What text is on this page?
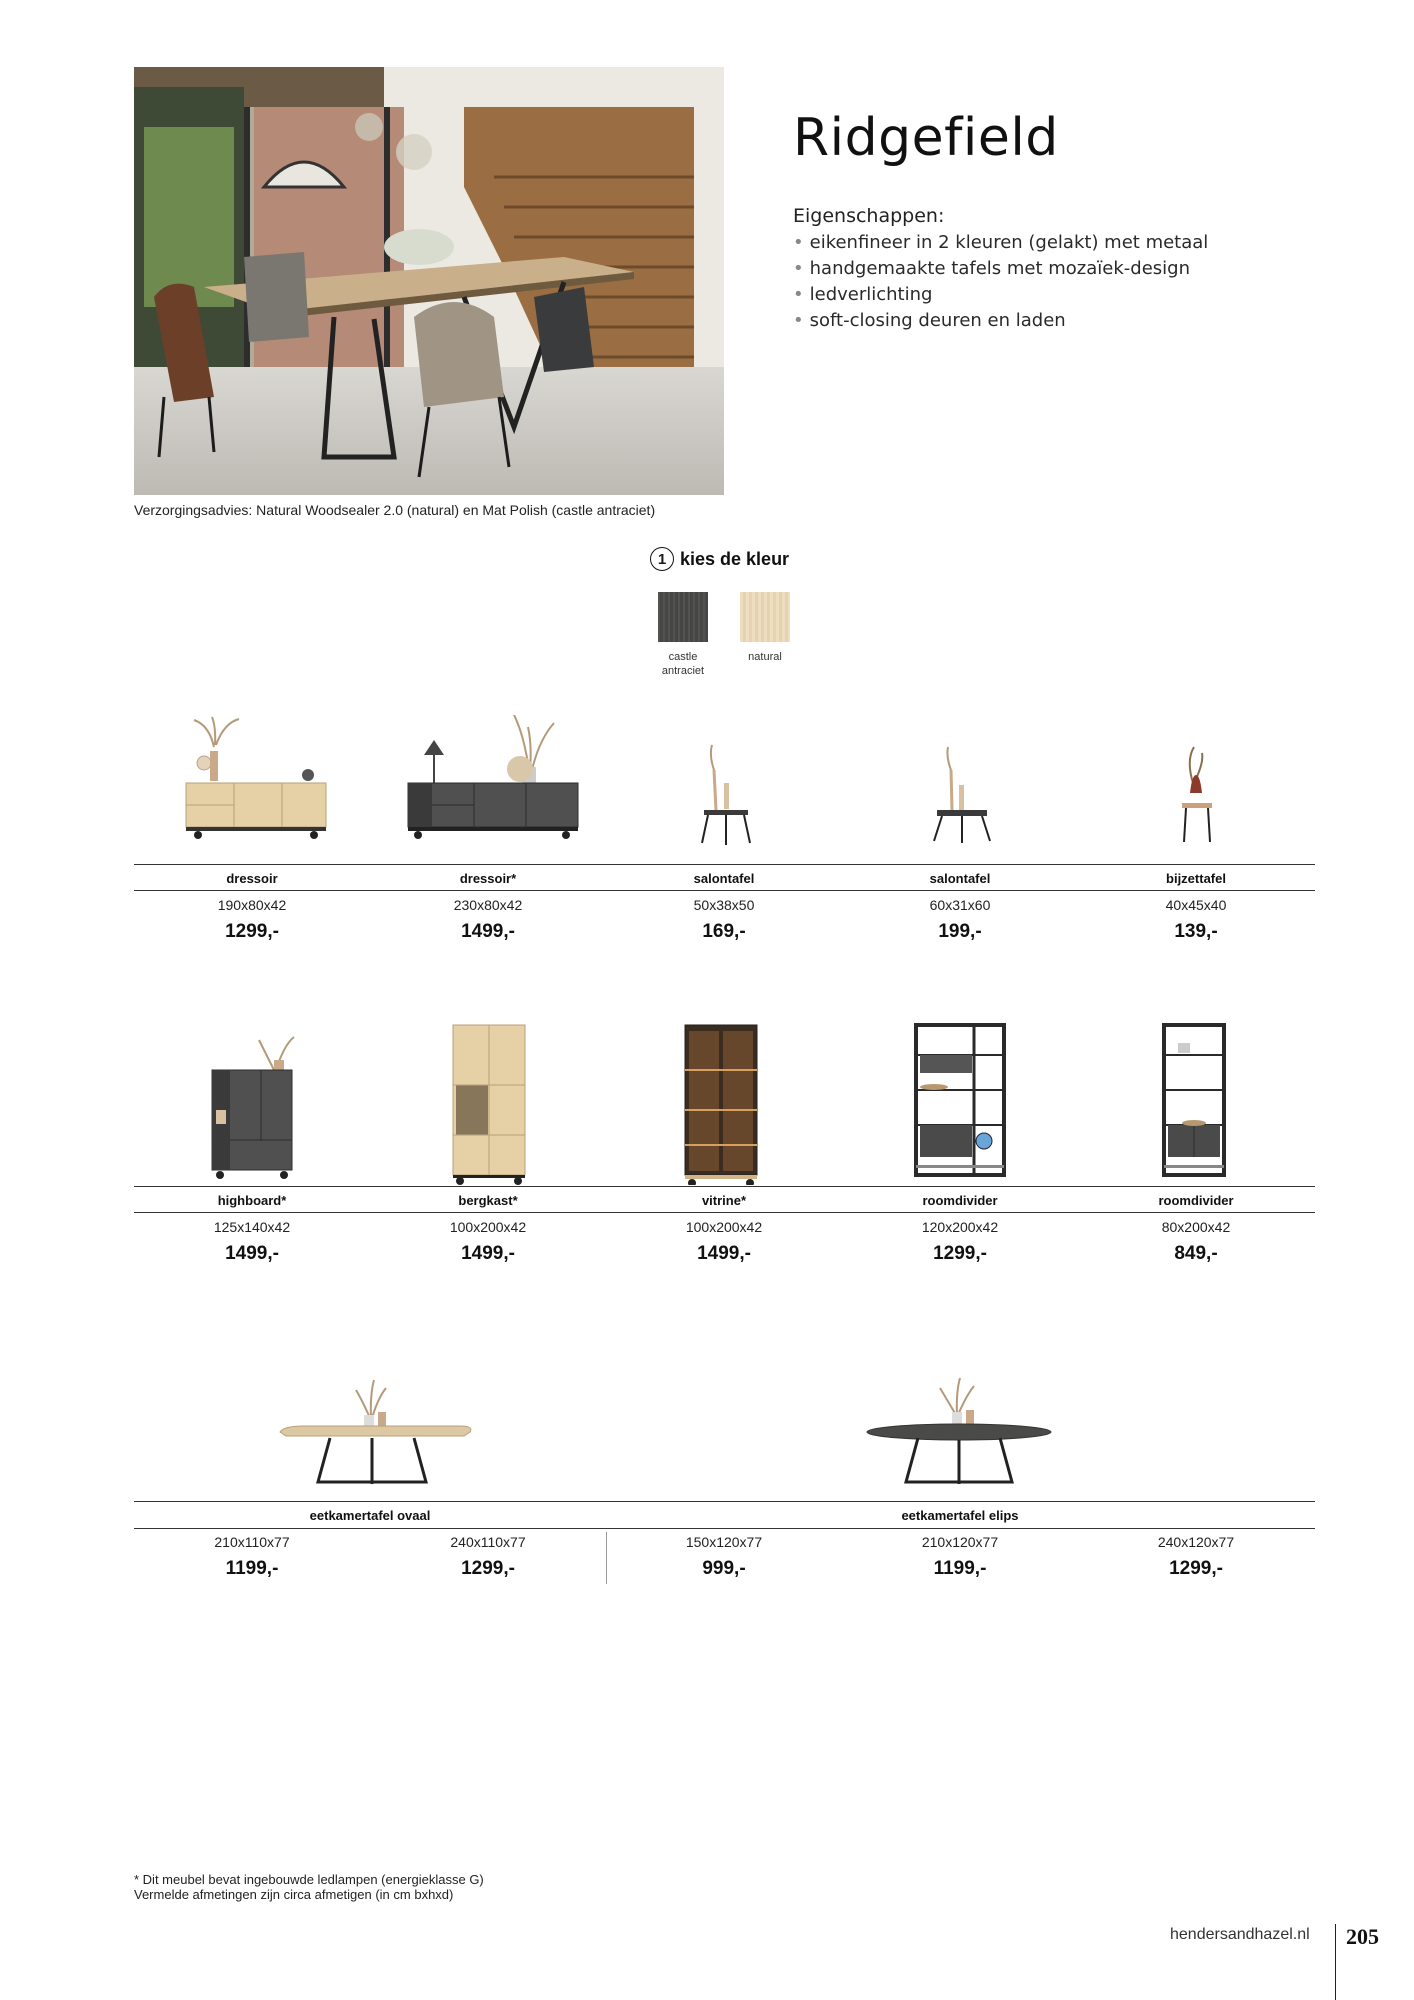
Verzorgingsadvies: Natural Woodsealer 2.0 (natural) en Mat Polish (castle antraciet)
Ridgefield
Eigenschappen:
• eikenfineer in 2 kleuren (gelakt) met metaal
• handgemaakte tafels met mozaïek-design
• ledverlichting
• soft-closing deuren en laden
1 kies de kleur
castle
antraciet
natural
dressoir	dressoir*	salontafel	salontafel	bijzettafel
190x80x42	230x80x42	50x38x50	60x31x60	40x45x40
1299,-	1499,-	169,-	199,-	139,-
highboard*	bergkast*	vitrine*	roomdivider	roomdivider
125x140x42	100x200x42	100x200x42	120x200x42	80x200x42
1499,-	1499,-	1499,-	1299,-	849,-
eetkamertafel ovaal	eetkamertafel elips
210x110x77	240x110x77	150x120x77	210x120x77	240x120x77
1199,-	1299,-	999,-	1199,-	1299,-
* Dit meubel bevat ingebouwde ledlampen (energieklasse G)
Vermelde afmetingen zijn circa afmetigen (in cm bxhxd)
hendersandhazel.nl 205
